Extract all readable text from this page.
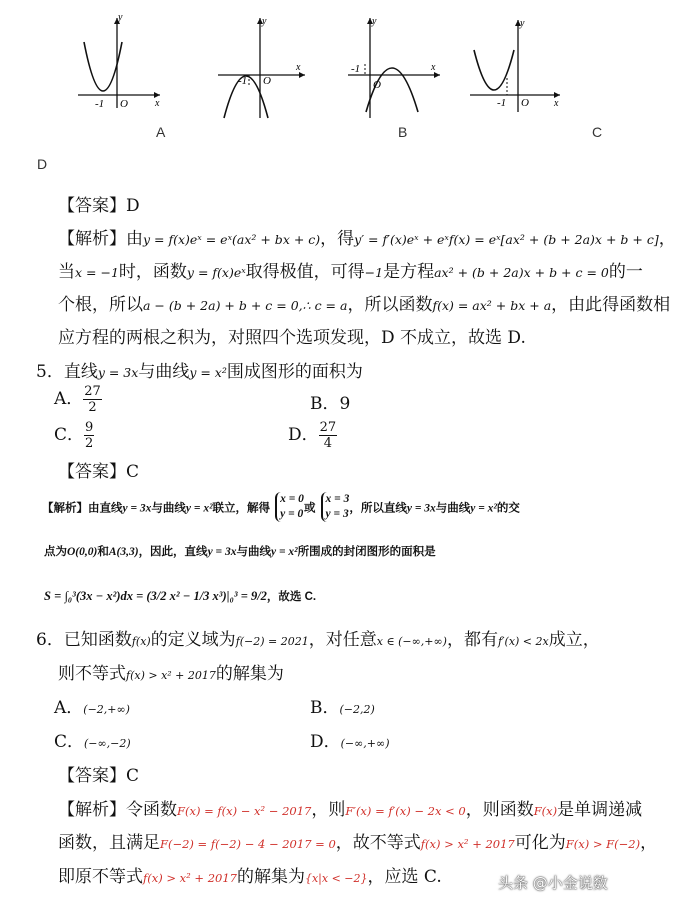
y
x
-1 O
y
x
-1 O
y
x
-1
O
y
x
-1 O
A	B	C
D
【答案】D
【解析】由y = f(x)eˣ = eˣ(ax² + bx + c)，得y′ = f′(x)eˣ + eˣf(x) = eˣ[ax² + (b + 2a)x + b + c]，
当x = −1时，函数y = f(x)eˣ取得极值，可得−1是方程ax² + (b + 2a)x + b + c = 0的一
个根，所以a − (b + 2a) + b + c = 0,∴ c = a，所以函数f(x) = ax² + bx + a，由此得函数相
应方程的两根之积为，对照四个选项发现，D 不成立，故选 D.
5．直线y = 3x与曲线y = x²围成图形的面积为
A． $\frac{27}{2}$	B．9
C． $\frac{9}{2}$	D． $\frac{27}{4}$
【答案】C
【解析】由直线y = 3x与曲线y = x²联立，解得
x = 0
y = 0 或
x = 3
y = 3 ，所以直线y = 3x与曲线y = x²的交
点为O(0,0)和A(3,3)，因此，直线y = 3x与曲线y = x²所围成的封闭图形的面积是
S = ∫₀³(3x − x²)dx = (3/2 x² − 1/3 x³)|₀³ = 9/2，故选 C.
6．已知函数f(x)的定义域为f(−2) = 2021，对任意x ∈ (−∞,+∞)，都有f′(x) < 2x成立，
则不等式f(x) > x² + 2017的解集为
A．(−2,+∞)	B．(−2,2)
C．(−∞,−2)	D．(−∞,+∞)
【答案】C
【解析】令函数F(x) = f(x) − x² − 2017，则F′(x) = f′(x) − 2x < 0，则函数F(x)是单调递减
函数，且满足F(−2) = f(−2) − 4 − 2017 = 0，故不等式f(x) > x² + 2017可化为F(x) > F(−2)，
即原不等式f(x) > x² + 2017的解集为{x|x < −2}，应选 C.	头条 @小金说数
